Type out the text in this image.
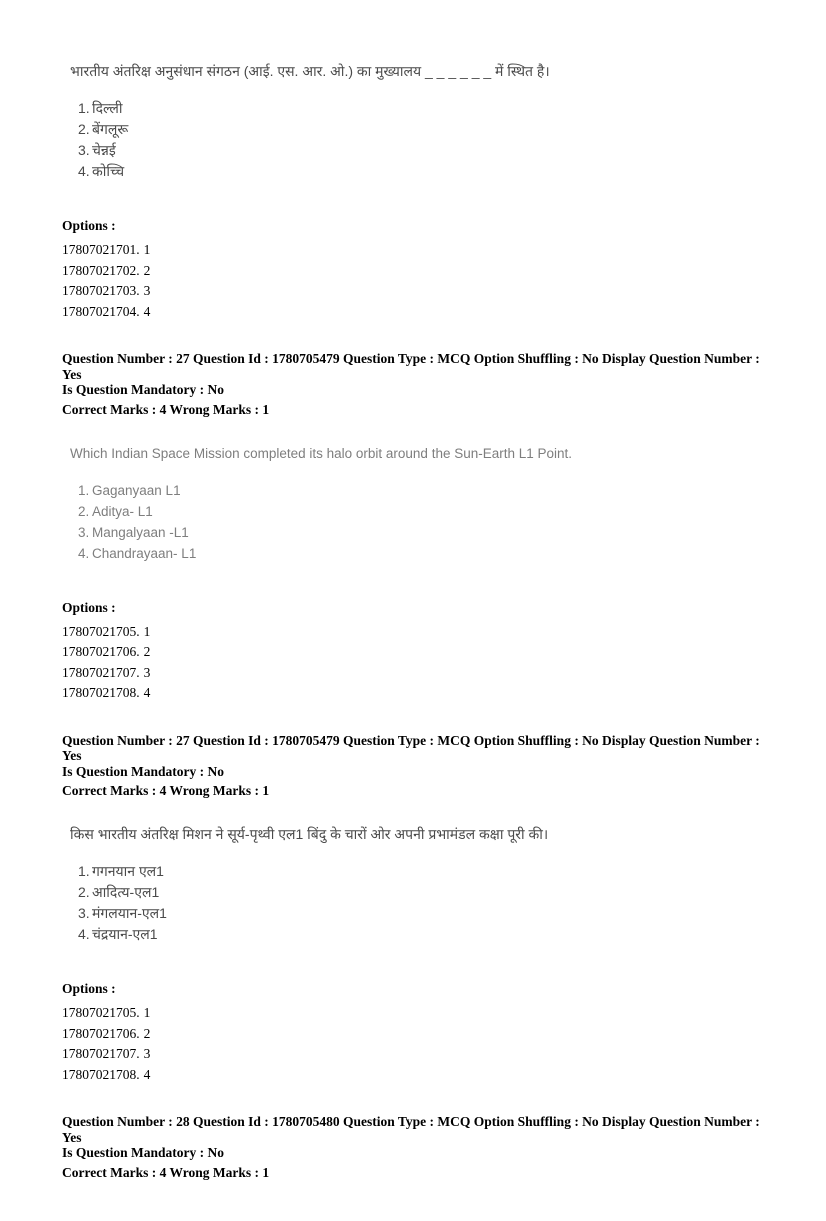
भारतीय अंतरिक्ष अनुसंधान संगठन (आई. एस. आर. ओ.) का मुख्यालय _ _ _ _ _ _ में स्थित है।

1. दिल्ली
2. बेंगलूरू
3. चेन्नई
4. कोच्चि

Options :

17807021701. 1
17807021702. 2
17807021703. 3
17807021704. 4

Question Number : 27 Question Id : 1780705479 Question Type : MCQ Option Shuffling : No Display Question Number : Yes

Is Question Mandatory : No

Correct Marks : 4 Wrong Marks : 1

Which Indian Space Mission completed its halo orbit around the Sun-Earth L1 Point.

1. Gaganyaan L1
2. Aditya- L1
3. Mangalyaan -L1
4. Chandrayaan- L1

Options :

17807021705. 1
17807021706. 2
17807021707. 3
17807021708. 4

Question Number : 27 Question Id : 1780705479 Question Type : MCQ Option Shuffling : No Display Question Number : Yes

Is Question Mandatory : No

Correct Marks : 4 Wrong Marks : 1

किस भारतीय अंतरिक्ष मिशन ने सूर्य-पृथ्वी एल1 बिंदु के चारों ओर अपनी प्रभामंडल कक्षा पूरी की।

1. गगनयान एल1
2. आदित्य-एल1
3. मंगलयान-एल1
4. चंद्रयान-एल1

Options :

17807021705. 1
17807021706. 2
17807021707. 3
17807021708. 4

Question Number : 28 Question Id : 1780705480 Question Type : MCQ Option Shuffling : No Display Question Number : Yes

Is Question Mandatory : No

Correct Marks : 4 Wrong Marks : 1
